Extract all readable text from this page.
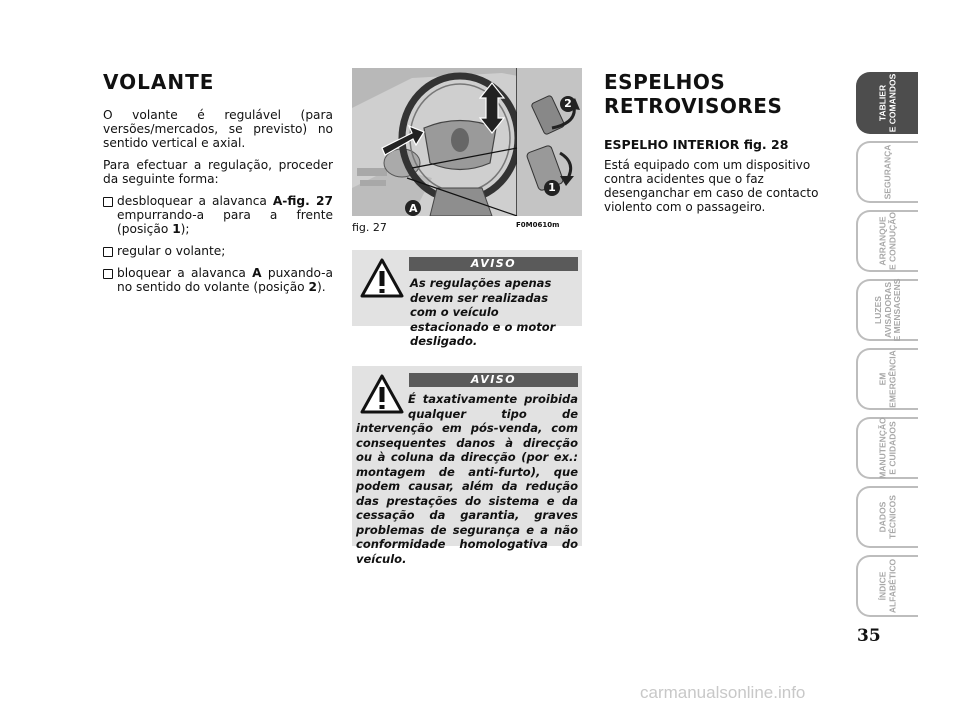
VOLANTE

O volante é regulável (para versões/mercados, se previsto) no sentido vertical e axial.

Para efectuar a regulação, proceder da seguinte forma:

desbloquear a alavanca A-fig. 27 empurrando-a para a frente (posição 1);
regular o volante;
bloquear a alavanca A puxando-a no sentido do volante (posição 2).
A
2
1
fig. 27	F0M0610m
AVISO
As regulações apenas devem ser realizadas com o veículo estacionado e o motor desligado.
AVISO
É taxativamente proibida qualquer tipo de intervenção em pós-venda, com consequentes danos à direcção ou à coluna da direcção (por ex.: montagem de anti-furto), que podem causar, além da redução das prestações do sistema e da cessação da garantia, graves problemas de segurança e a não conformidade homologativa do veículo.
ESPELHOS
RETROVISORES
ESPELHO INTERIOR fig. 28
Está equipado com um dispositivo contra acidentes que o faz desenganchar em caso de contacto violento com o passageiro.
TABLIER
E COMANDOS
SEGURANÇA
ARRANQUE
E CONDUÇÃO
LUZES
AVISADORAS
E MENSAGENS
EM
EMERGÊNCIA
MANUTENÇÃO
E CUIDADOS
DADOS
TÉCNICOS
ÍNDICE
ALFABÉTICO
35
carmanualsonline.info
